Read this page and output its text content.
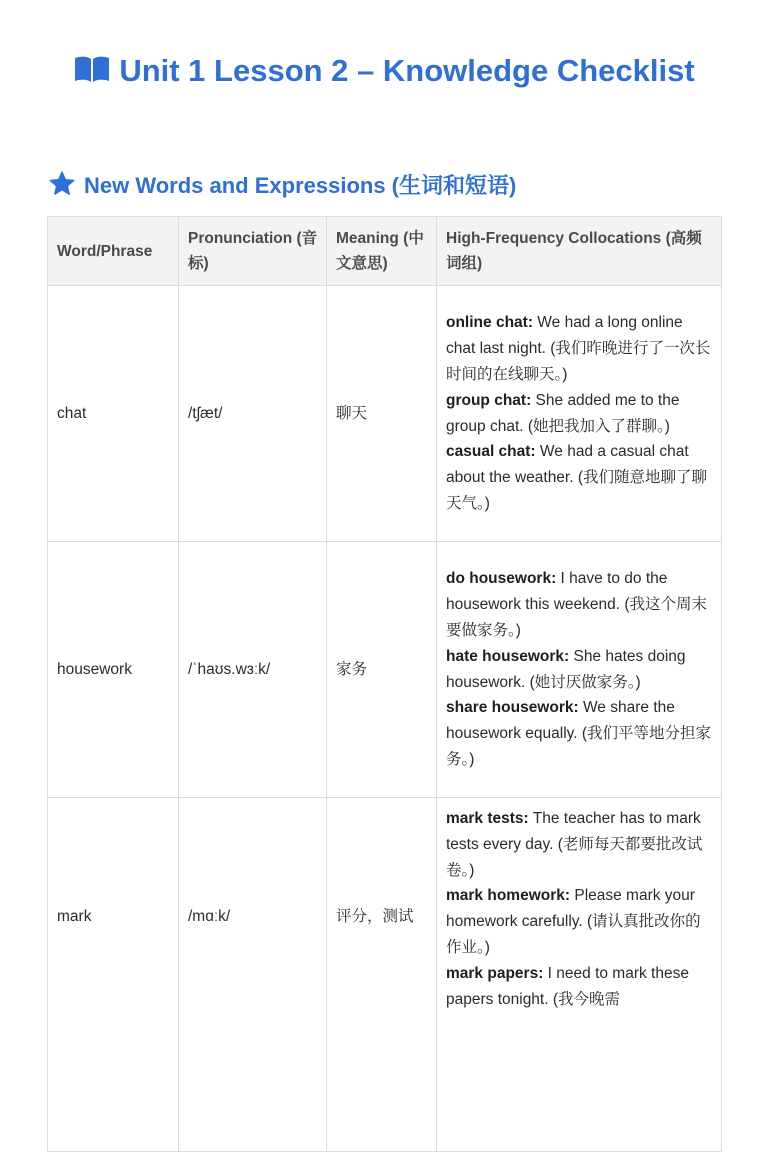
Unit 1 Lesson 2 – Knowledge Checklist
New Words and Expressions (生词和短语)
Word/Phrase	Pronunciation (音标)	Meaning (中文意思)	High-Frequency Collocations (高频词组)
chat	/tʃæt/	聊天	online chat: We had a long online chat last night. (我们昨晚进行了一次长时间的在线聊天。)
group chat: She added me to the group chat. (她把我加入了群聊。)
casual chat: We had a casual chat about the weather. (我们随意地聊了聊天气。)

housework	/ˈhaʊs.wɜːk/	家务	do housework: I have to do the housework this weekend. (我这个周末要做家务。)
hate housework: She hates doing housework. (她讨厌做家务。)
share housework: We share the housework equally. (我们平等地分担家务。)

mark	/mɑːk/	评分，测试	mark tests: The teacher has to mark tests every day. (老师每天都要批改试卷。)
mark homework: Please mark your homework carefully. (请认真批改你的作业。)
mark papers: I need to mark these papers tonight. (我今晚需
